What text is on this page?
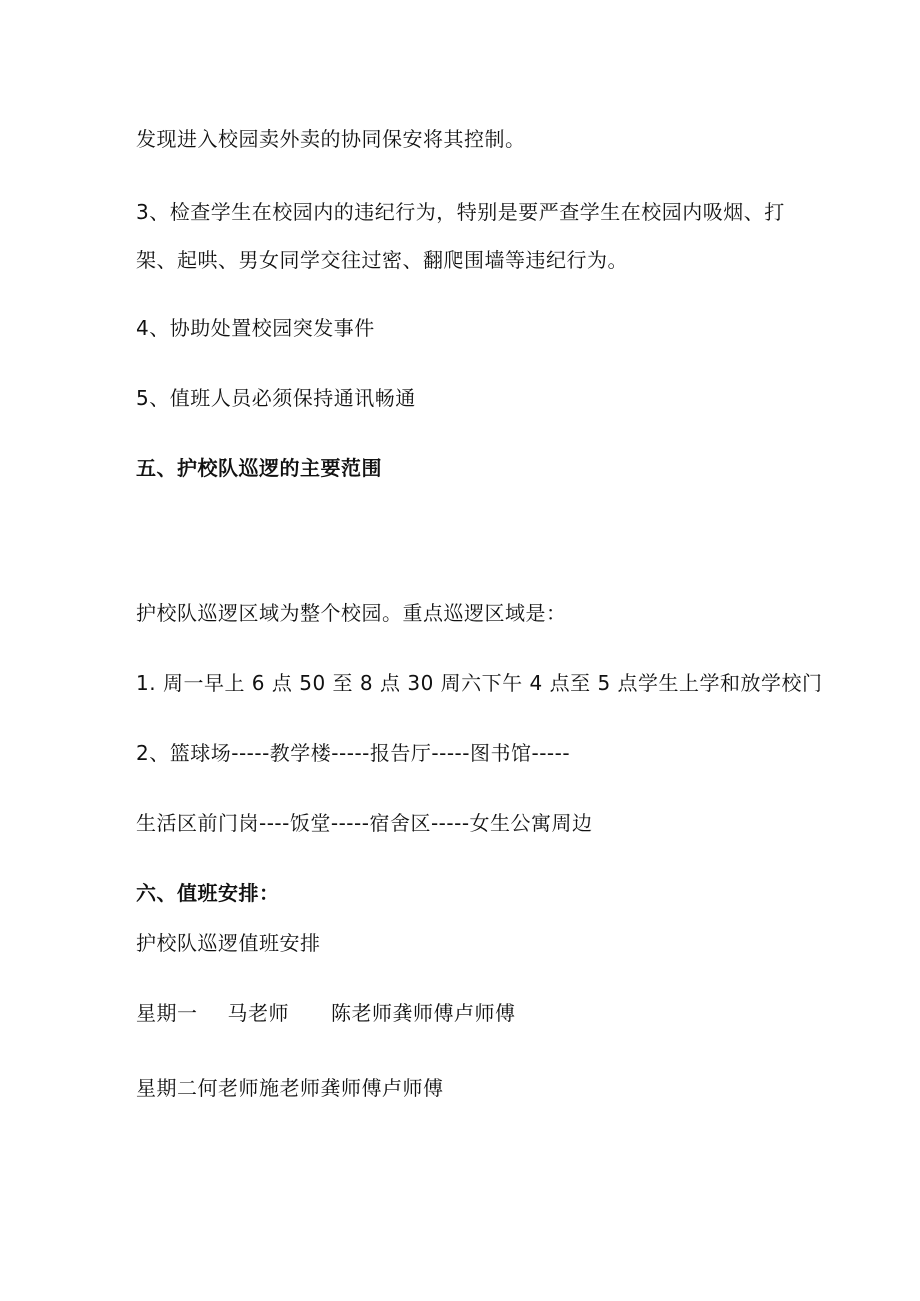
发现进入校园卖外卖的协同保安将其控制。
3、检查学生在校园内的违纪行为，特别是要严查学生在校园内吸烟、打
架、起哄、男女同学交往过密、翻爬围墙等违纪行为。
4、协助处置校园突发事件
5、值班人员必须保持通讯畅通
五、护校队巡逻的主要范围
护校队巡逻区域为整个校园。重点巡逻区域是：
1. 周一早上 6 点 50 至 8 点 30 周六下午 4 点至 5 点学生上学和放学校门
2、篮球场-----教学楼-----报告厅-----图书馆-----
生活区前门岗----饭堂-----宿舍区-----女生公寓周边
六、值班安排：
护校队巡逻值班安排
星期一 马老师 陈老师龚师傅卢师傅
星期二何老师施老师龚师傅卢师傅
